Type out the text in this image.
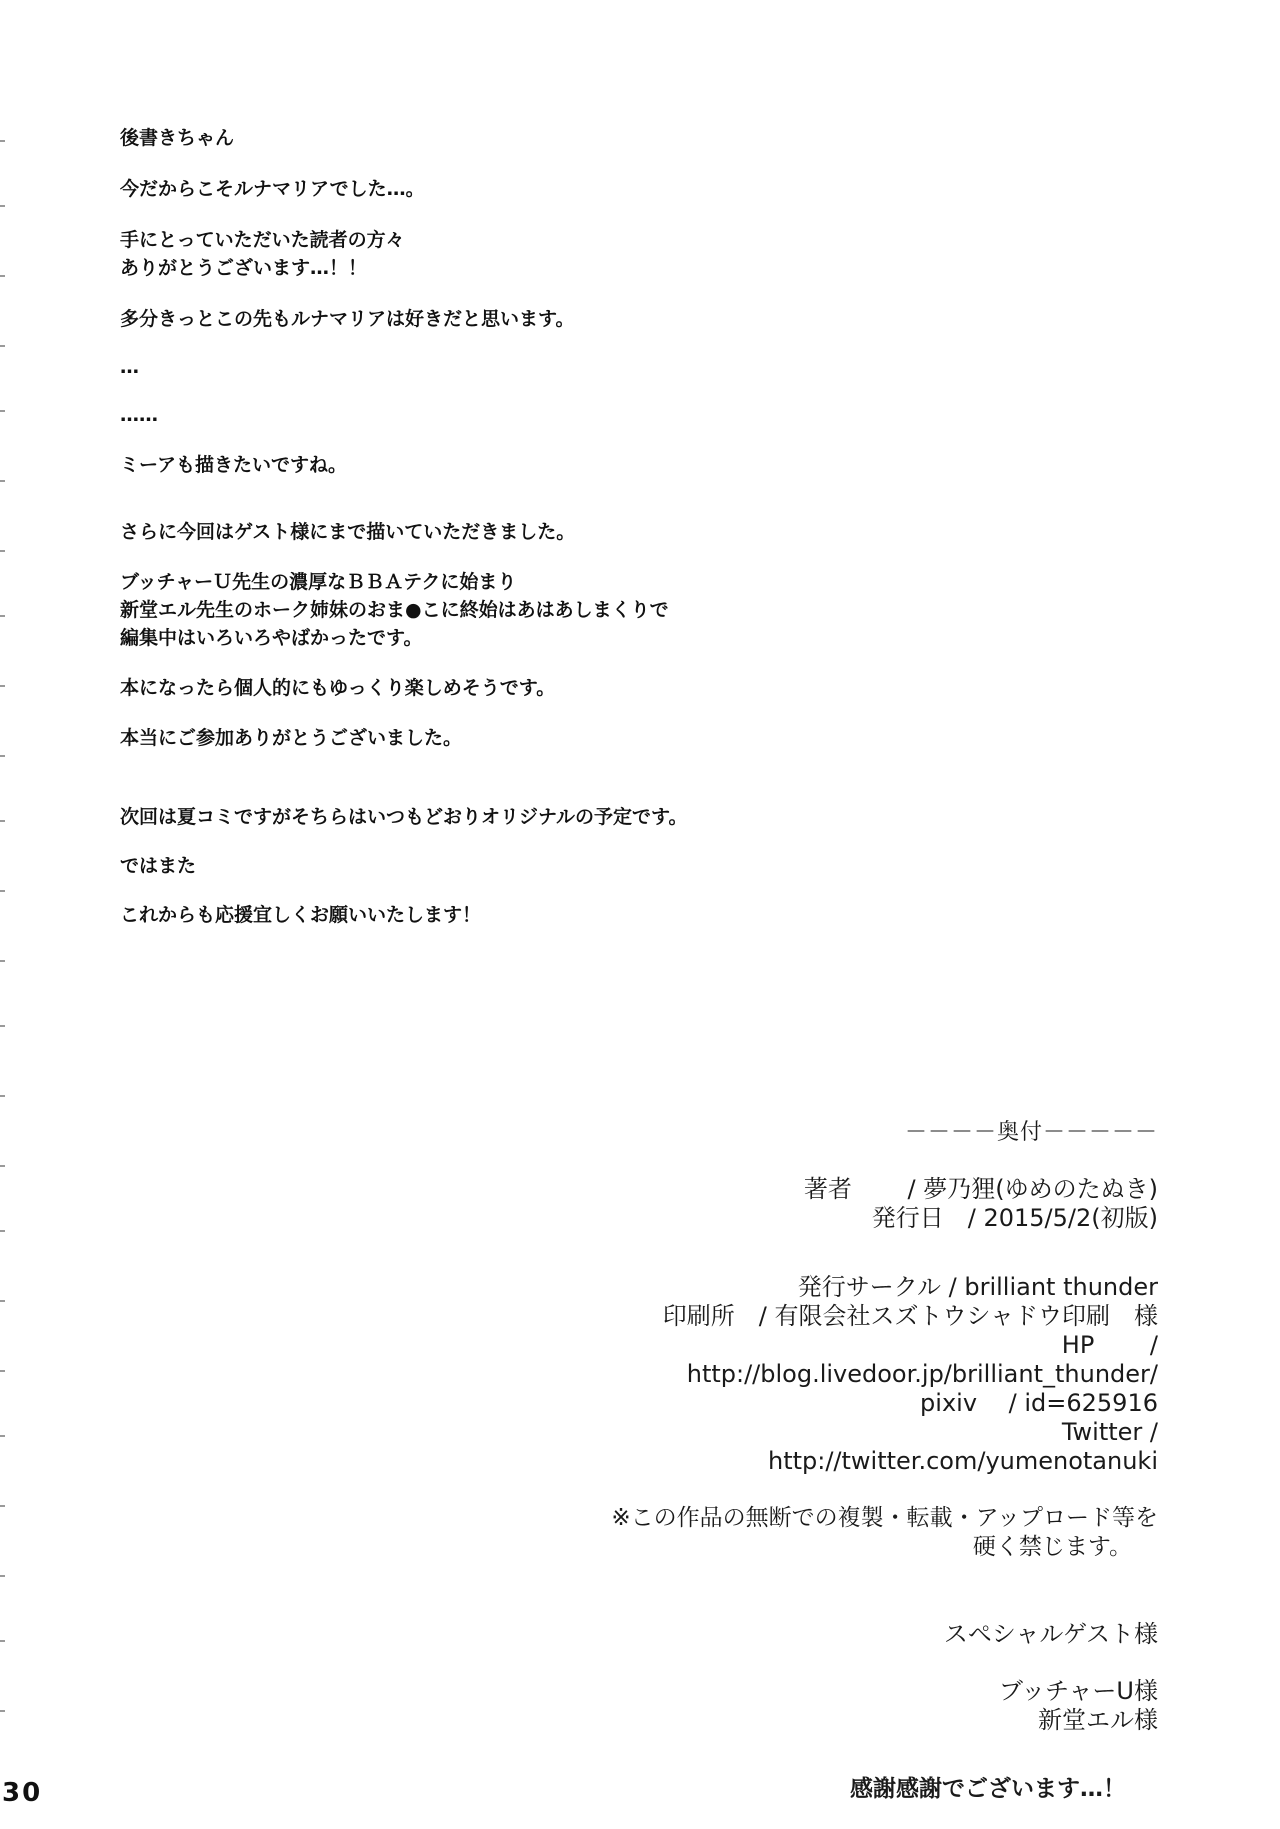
後書きちゃん

今だからこそルナマリアでした…。

手にとっていただいた読者の方々
ありがとうございます…！！

多分きっとこの先もルナマリアは好きだと思います。

…

……

ミーアも描きたいですね。

さらに今回はゲスト様にまで描いていただきました。

ブッチャーＵ先生の濃厚なＢＢＡテクに始まり
新堂エル先生のホーク姉妹のおま●こに終始はあはあしまくりで
編集中はいろいろやばかったです。

本になったら個人的にもゆっくり楽しめそうです。

本当にご参加ありがとうございました。

次回は夏コミですがそちらはいつもどおりオリジナルの予定です。

ではまた

これからも応援宜しくお願いいたします！

－－－－奥付－－－－－

著者　　 / 夢乃狸(ゆめのたぬき)

発行日　/ 2015/5/2(初版)

発行サークル / brilliant thunder

印刷所　/ 有限会社スズトウシャドウ印刷　様

HP　　 /

http://blog.livedoor.jp/brilliant_thunder/

pixiv　 / id=625916

Twitter /

http://twitter.com/yumenotanuki

※この作品の無断での複製・転載・アップロード等を

硬く禁じます。

スペシャルゲスト様

ブッチャーU様

新堂エル様

感謝感謝でございます…！

30
